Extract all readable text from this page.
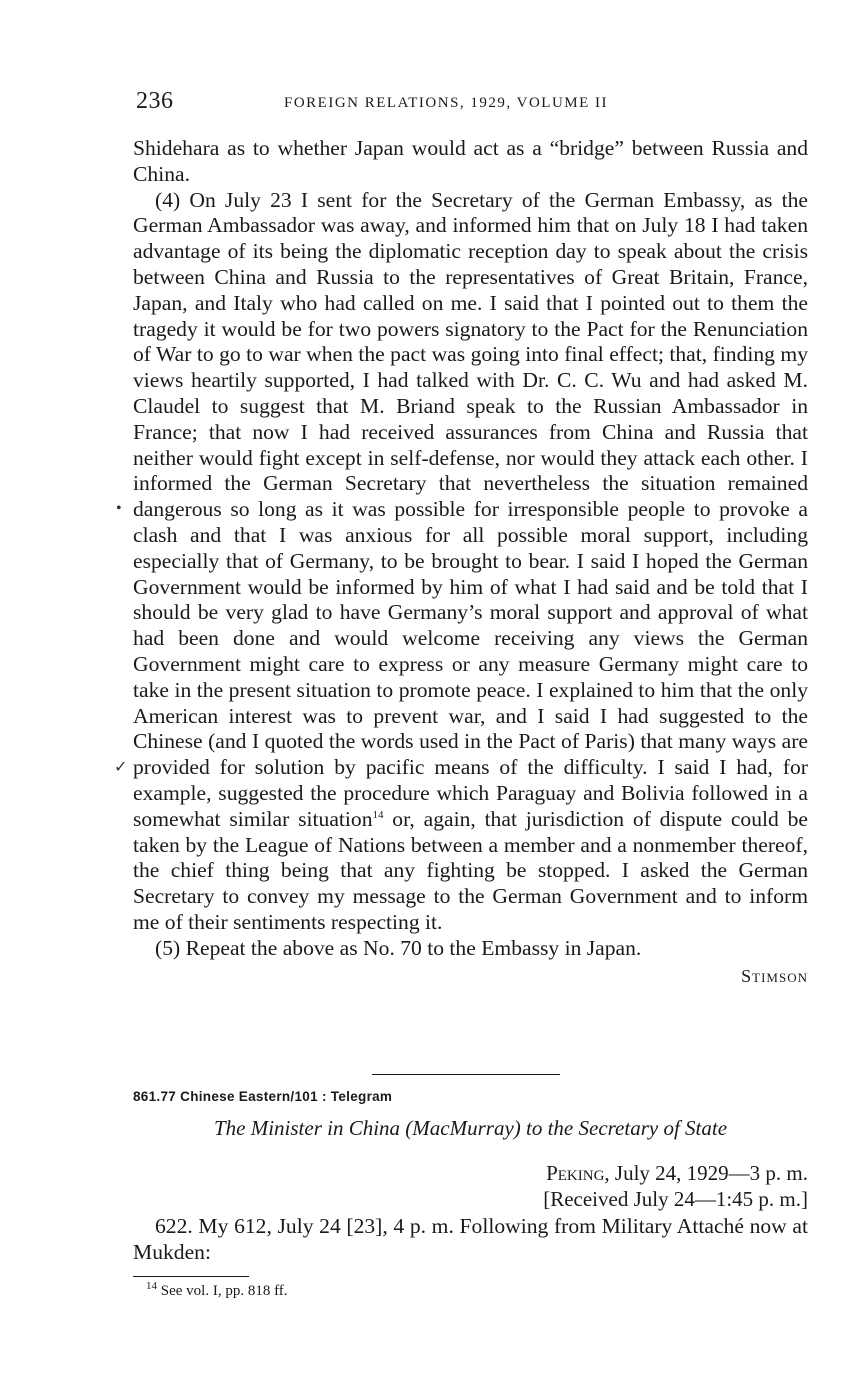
236	FOREIGN RELATIONS, 1929, VOLUME II

Shidehara as to whether Japan would act as a “bridge” between Russia and China.

(4) On July 23 I sent for the Secretary of the German Embassy, as the German Ambassador was away, and informed him that on July 18 I had taken advantage of its being the diplomatic reception day to speak about the crisis between China and Russia to the representatives of Great Britain, France, Japan, and Italy who had called on me. I said that I pointed out to them the tragedy it would be for two powers signatory to the Pact for the Renunciation of War to go to war when the pact was going into final effect; that, finding my views heartily supported, I had talked with Dr. C. C. Wu and had asked M. Claudel to suggest that M. Briand speak to the Russian Ambassador in France; that now I had received assurances from China and Russia that neither would fight except in self-defense, nor would they attack each other. I informed the German Secretary that nevertheless the situation remained dangerous so long as it was possible for irresponsible people to provoke a clash and that I was anxious for all possible moral support, including especially that of Germany, to be brought to bear. I said I hoped the German Government would be informed by him of what I had said and be told that I should be very glad to have Germany’s moral support and approval of what had been done and would welcome receiving any views the German Government might care to express or any measure Germany might care to take in the present situation to promote peace. I explained to him that the only American interest was to prevent war, and I said I had suggested to the Chinese (and I quoted the words used in the Pact of Paris) that many ways are provided for solution by pacific means of the difficulty. I said I had, for example, suggested the procedure which Paraguay and Bolivia followed in a somewhat similar situation$^{14}$ or, again, that jurisdiction of dispute could be taken by the League of Nations between a member and a nonmember thereof, the chief thing being that any fighting be stopped. I asked the German Secretary to convey my message to the German Government and to inform me of their sentiments respecting it.

(5) Repeat the above as No. 70 to the Embassy in Japan.

Stimson

•
✓
861.77 Chinese Eastern/101 : Telegram
The Minister in China (MacMurray) to the Secretary of State
Peking, July 24, 1929—3 p. m.
[Received July 24—1:45 p. m.]

622. My 612, July 24 [23], 4 p. m. Following from Military Attaché now at Mukden:

$^{14}$ See vol. I, pp. 818 ff.
